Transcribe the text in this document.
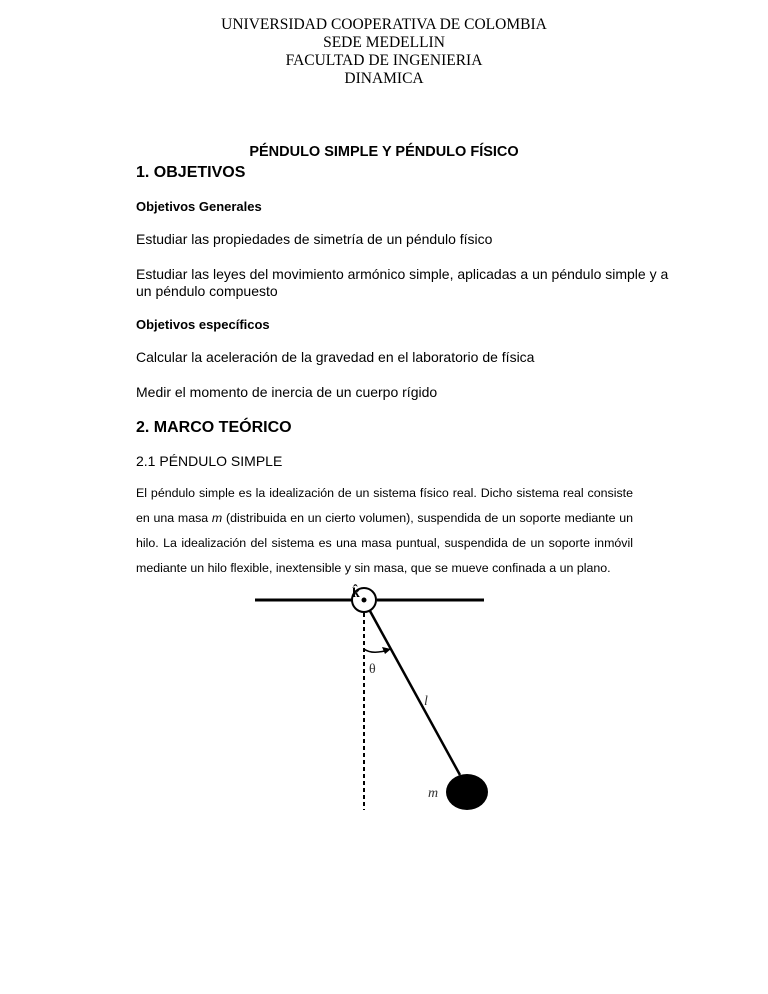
UNIVERSIDAD COOPERATIVA DE COLOMBIA
SEDE MEDELLIN
FACULTAD DE INGENIERIA
DINAMICA
PÉNDULO SIMPLE Y PÉNDULO FÍSICO
1. OBJETIVOS
Objetivos Generales
Estudiar las propiedades de simetría de un péndulo físico
Estudiar las leyes del movimiento armónico simple, aplicadas a un péndulo simple y a
un péndulo compuesto
Objetivos específicos
Calcular la aceleración de la gravedad en el laboratorio de física
Medir el momento de inercia de un cuerpo rígido
2. MARCO TEÓRICO
2.1 PÉNDULO SIMPLE
El péndulo simple es la idealización de un sistema físico real. Dicho sistema real consiste en una masa m (distribuida en un cierto volumen), suspendida de un soporte mediante un hilo. La idealización del sistema es una masa puntual, suspendida de un soporte inmóvil mediante un hilo flexible, inextensible y sin masa, que se mueve confinada a un plano.
k̂
θ
l
m
